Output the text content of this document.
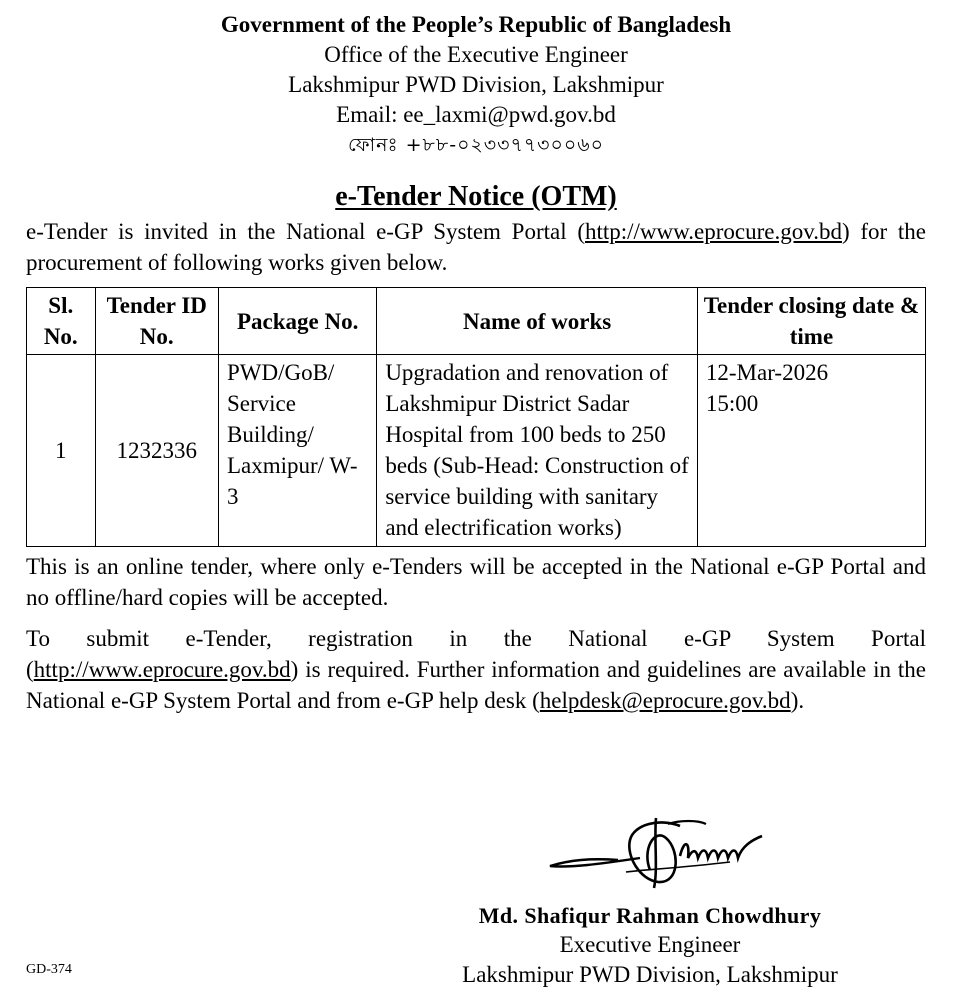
Government of the People’s Republic of Bangladesh
Office of the Executive Engineer
Lakshmipur PWD Division, Lakshmipur
Email: ee_laxmi@pwd.gov.bd
ফোনঃ +৮৮-০২৩৩৭৭৩০০৬০
e-Tender Notice (OTM)

e-Tender is invited in the National e-GP System Portal (http://www.eprocure.gov.bd) for the procurement of following works given below.

Sl. No.	Tender ID No.	Package No.	Name of works	Tender closing date & time
1	1232336	PWD/GoB/ Service Building/ Laxmipur/ W-3	Upgradation and renovation of Lakshmipur District Sadar Hospital from 100 beds to 250 beds (Sub-Head: Construction of service building with sanitary and electrification works)	12-Mar-2026
15:00

This is an online tender, where only e-Tenders will be accepted in the National e-GP Portal and no offline/hard copies will be accepted.

To submit e-Tender, registration in the National e-GP System Portal (http://www.eprocure.gov.bd) is required. Further information and guidelines are available in the National e-GP System Portal and from e-GP help desk (helpdesk@eprocure.gov.bd).

Md. Shafiqur Rahman Chowdhury
Executive Engineer
Lakshmipur PWD Division, Lakshmipur
GD-374
